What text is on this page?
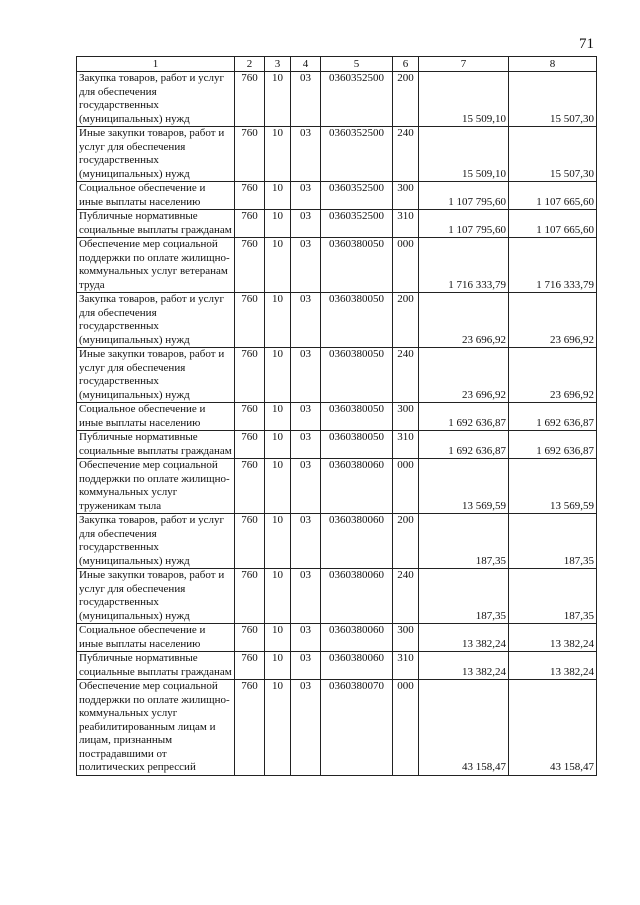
71
1	2	3	4	5	6	7	8
Закупка товаров, работ и услуг для обеспечения государственных (муниципальных) нужд	760	10	03	0360352500	200	15 509,10	15 507,30
Иные закупки товаров, работ и услуг для обеспечения государственных (муниципальных) нужд	760	10	03	0360352500	240	15 509,10	15 507,30
Социальное обеспечение и иные выплаты населению	760	10	03	0360352500	300	1 107 795,60	1 107 665,60
Публичные нормативные социальные выплаты гражданам	760	10	03	0360352500	310	1 107 795,60	1 107 665,60
Обеспечение мер социальной поддержки по оплате жилищно-коммунальных услуг ветеранам труда	760	10	03	0360380050	000	1 716 333,79	1 716 333,79
Закупка товаров, работ и услуг для обеспечения государственных (муниципальных) нужд	760	10	03	0360380050	200	23 696,92	23 696,92
Иные закупки товаров, работ и услуг для обеспечения государственных (муниципальных) нужд	760	10	03	0360380050	240	23 696,92	23 696,92
Социальное обеспечение и иные выплаты населению	760	10	03	0360380050	300	1 692 636,87	1 692 636,87
Публичные нормативные социальные выплаты гражданам	760	10	03	0360380050	310	1 692 636,87	1 692 636,87
Обеспечение мер социальной поддержки по оплате жилищно-коммунальных услуг труженикам тыла	760	10	03	0360380060	000	13 569,59	13 569,59
Закупка товаров, работ и услуг для обеспечения государственных (муниципальных) нужд	760	10	03	0360380060	200	187,35	187,35
Иные закупки товаров, работ и услуг для обеспечения государственных (муниципальных) нужд	760	10	03	0360380060	240	187,35	187,35
Социальное обеспечение и иные выплаты населению	760	10	03	0360380060	300	13 382,24	13 382,24
Публичные нормативные социальные выплаты гражданам	760	10	03	0360380060	310	13 382,24	13 382,24
Обеспечение мер социальной поддержки по оплате жилищно-коммунальных услуг реабилитированным лицам и лицам, признанным пострадавшими от политических репрессий	760	10	03	0360380070	000	43 158,47	43 158,47
